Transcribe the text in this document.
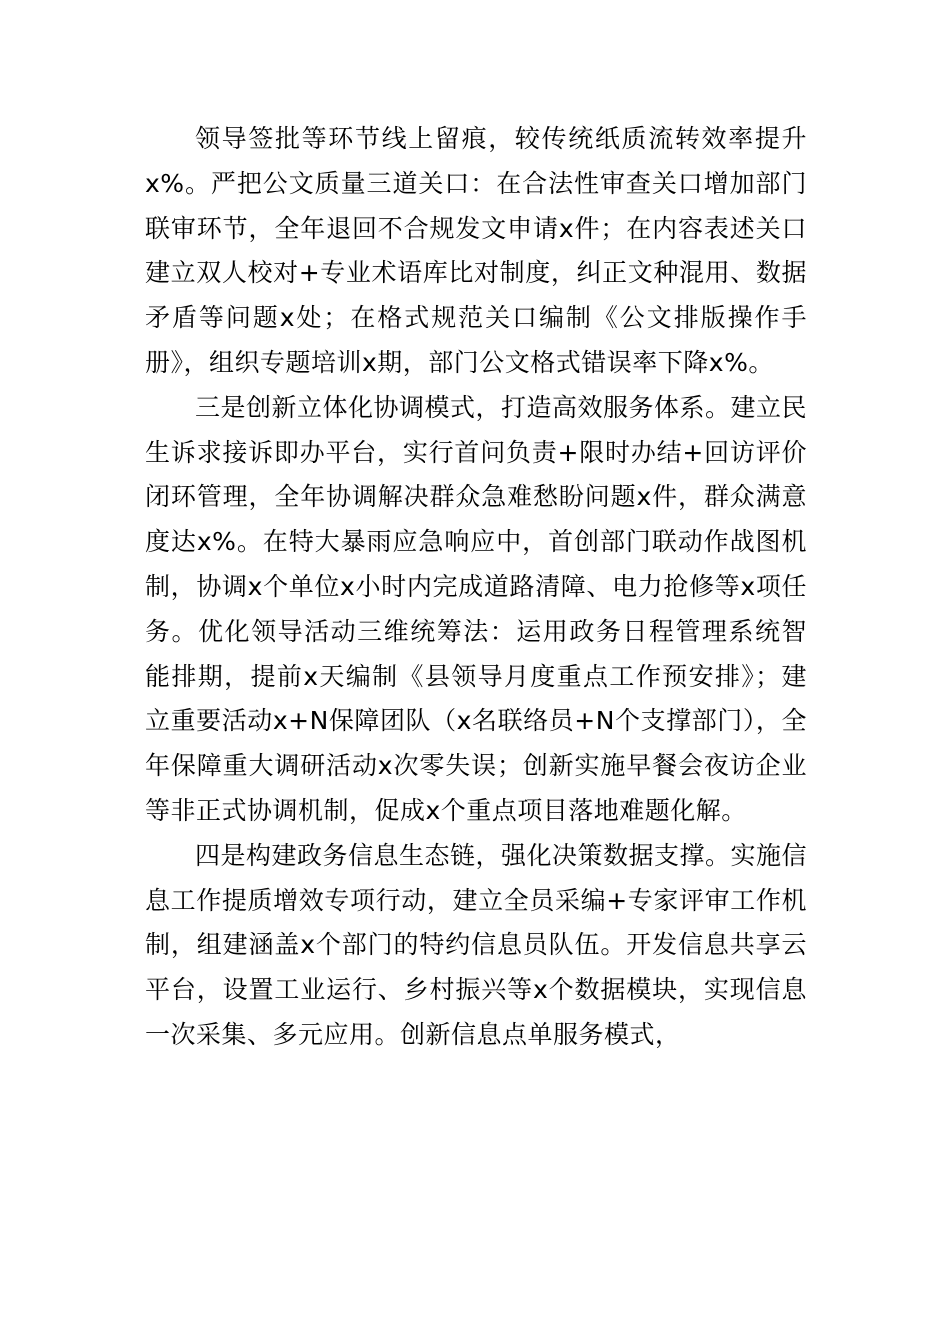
领导签批等环节线上留痕，较传统纸质流转效率提升x%。严把公文质量三道关口：在合法性审查关口增加部门联审环节，全年退回不合规发文申请x件；在内容表述关口建立双人校对+专业术语库比对制度，纠正文种混用、数据矛盾等问题x处；在格式规范关口编制《公文排版操作手册》，组织专题培训x期，部门公文格式错误率下降x%。

三是创新立体化协调模式，打造高效服务体系。建立民生诉求接诉即办平台，实行首问负责+限时办结+回访评价闭环管理，全年协调解决群众急难愁盼问题x件，群众满意度达x%。在特大暴雨应急响应中，首创部门联动作战图机制，协调x个单位x小时内完成道路清障、电力抢修等x项任务。优化领导活动三维统筹法：运用政务日程管理系统智能排期，提前x天编制《县领导月度重点工作预安排》；建立重要活动x+N保障团队（x名联络员+N个支撑部门），全年保障重大调研活动x次零失误；创新实施早餐会夜访企业等非正式协调机制，促成x个重点项目落地难题化解。

四是构建政务信息生态链，强化决策数据支撑。实施信息工作提质增效专项行动，建立全员采编+专家评审工作机制，组建涵盖x个部门的特约信息员队伍。开发信息共享云平台，设置工业运行、乡村振兴等x个数据模块，实现信息一次采集、多元应用。创新信息点单服务模式，
